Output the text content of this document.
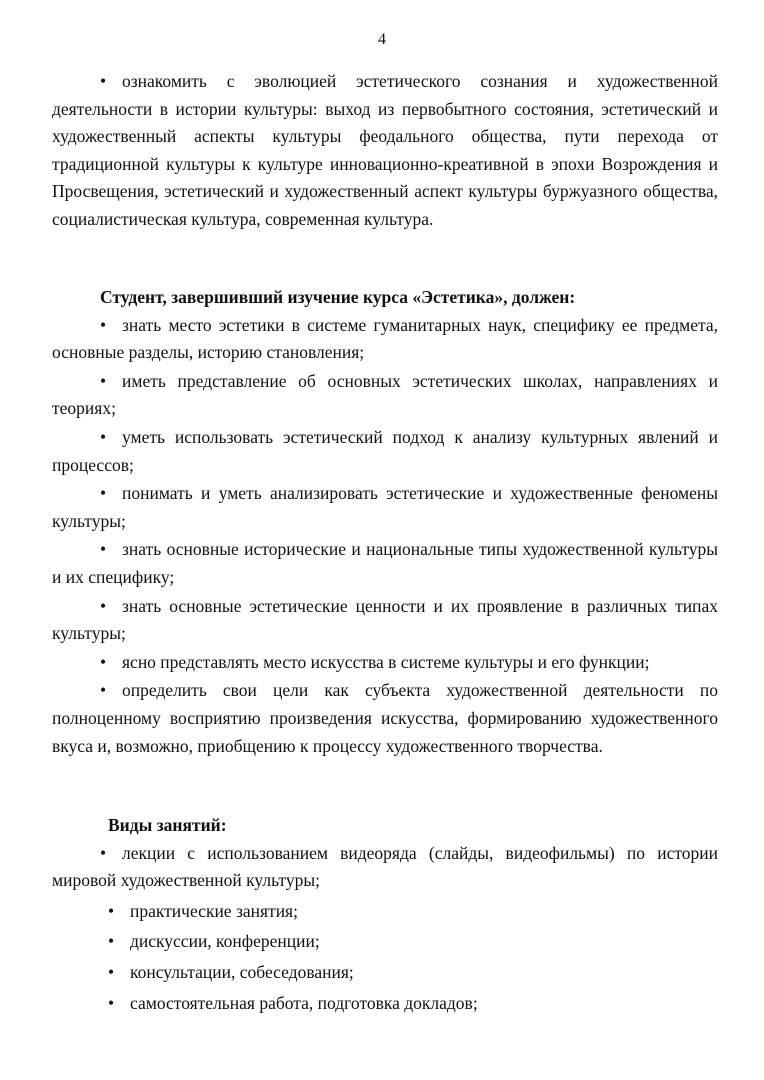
4

• ознакомить с эволюцией эстетического сознания и художественной деятельности в истории культуры: выход из первобытного состояния, эстетический и художественный аспекты культуры феодального общества, пути перехода от традиционной культуры к культуре инновационно-креативной в эпохи Возрождения и Просвещения, эстетический и художественный аспект культуры буржуазного общества, социалистическая культура, современная культура.

Студент, завершивший изучение курса «Эстетика», должен:

• знать место эстетики в системе гуманитарных наук, специфику ее предмета, основные разделы, историю становления;

• иметь представление об основных эстетических школах, направлениях и теориях;

• уметь использовать эстетический подход к анализу культурных явлений и процессов;

• понимать и уметь анализировать эстетические и художественные феномены культуры;

• знать основные исторические и национальные типы художественной культуры и их специфику;

• знать основные эстетические ценности и их проявление в различных типах культуры;

• ясно представлять место искусства в системе культуры и его функции;

• определить свои цели как субъекта художественной деятельности по полноценному восприятию произведения искусства, формированию художественного вкуса и, возможно, приобщению к процессу художественного творчества.

Виды занятий:

• лекции с использованием видеоряда (слайды, видеофильмы) по истории мировой художественной культуры;

• практические занятия;

• дискуссии, конференции;

• консультации, собеседования;

• самостоятельная работа, подготовка докладов;
